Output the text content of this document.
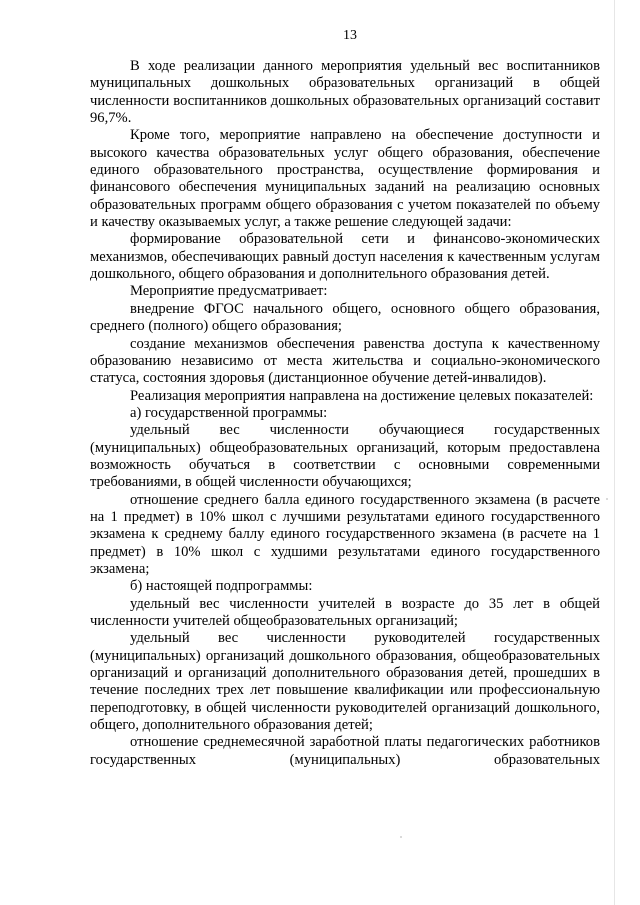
13

В ходе реализации данного мероприятия удельный вес воспитанников муниципальных дошкольных образовательных организаций в общей численности воспитанников дошкольных образовательных организаций составит 96,7%.

Кроме того, мероприятие направлено на обеспечение доступности и высокого качества образовательных услуг общего образования, обеспечение единого образовательного пространства, осуществление формирования и финансового обеспечения муниципальных заданий на реализацию основных образовательных программ общего образования с учетом показателей по объему и качеству оказываемых услуг, а также решение следующей задачи:

формирование образовательной сети и финансово-экономических механизмов, обеспечивающих равный доступ населения к качественным услугам дошкольного, общего образования и дополнительного образования детей.

Мероприятие предусматривает:

внедрение ФГОС начального общего, основного общего образования, среднего (полного) общего образования;

создание механизмов обеспечения равенства доступа к качественному образованию независимо от места жительства и социально-экономического статуса, состояния здоровья (дистанционное обучение детей-инвалидов).

Реализация мероприятия направлена на достижение целевых показателей:

а) государственной программы:

удельный вес численности обучающиеся государственных (муниципальных) общеобразовательных организаций, которым предоставлена возможность обучаться в соответствии с основными современными требованиями, в общей численности обучающихся;

отношение среднего балла единого государственного экзамена (в расчете на 1 предмет) в 10% школ с лучшими результатами единого государственного экзамена к среднему баллу единого государственного экзамена (в расчете на 1 предмет) в 10% школ с худшими результатами единого государственного экзамена;

б) настоящей подпрограммы:

удельный вес численности учителей в возрасте до 35 лет в общей численности учителей общеобразовательных организаций;

удельный вес численности руководителей государственных (муниципальных) организаций дошкольного образования, общеобразовательных организаций и организаций дополнительного образования детей, прошедших в течение последних трех лет повышение квалификации или профессиональную переподготовку, в общей численности руководителей организаций дошкольного, общего, дополнительного образования детей;

отношение среднемесячной заработной платы педагогических работников государственных (муниципальных) образовательных
